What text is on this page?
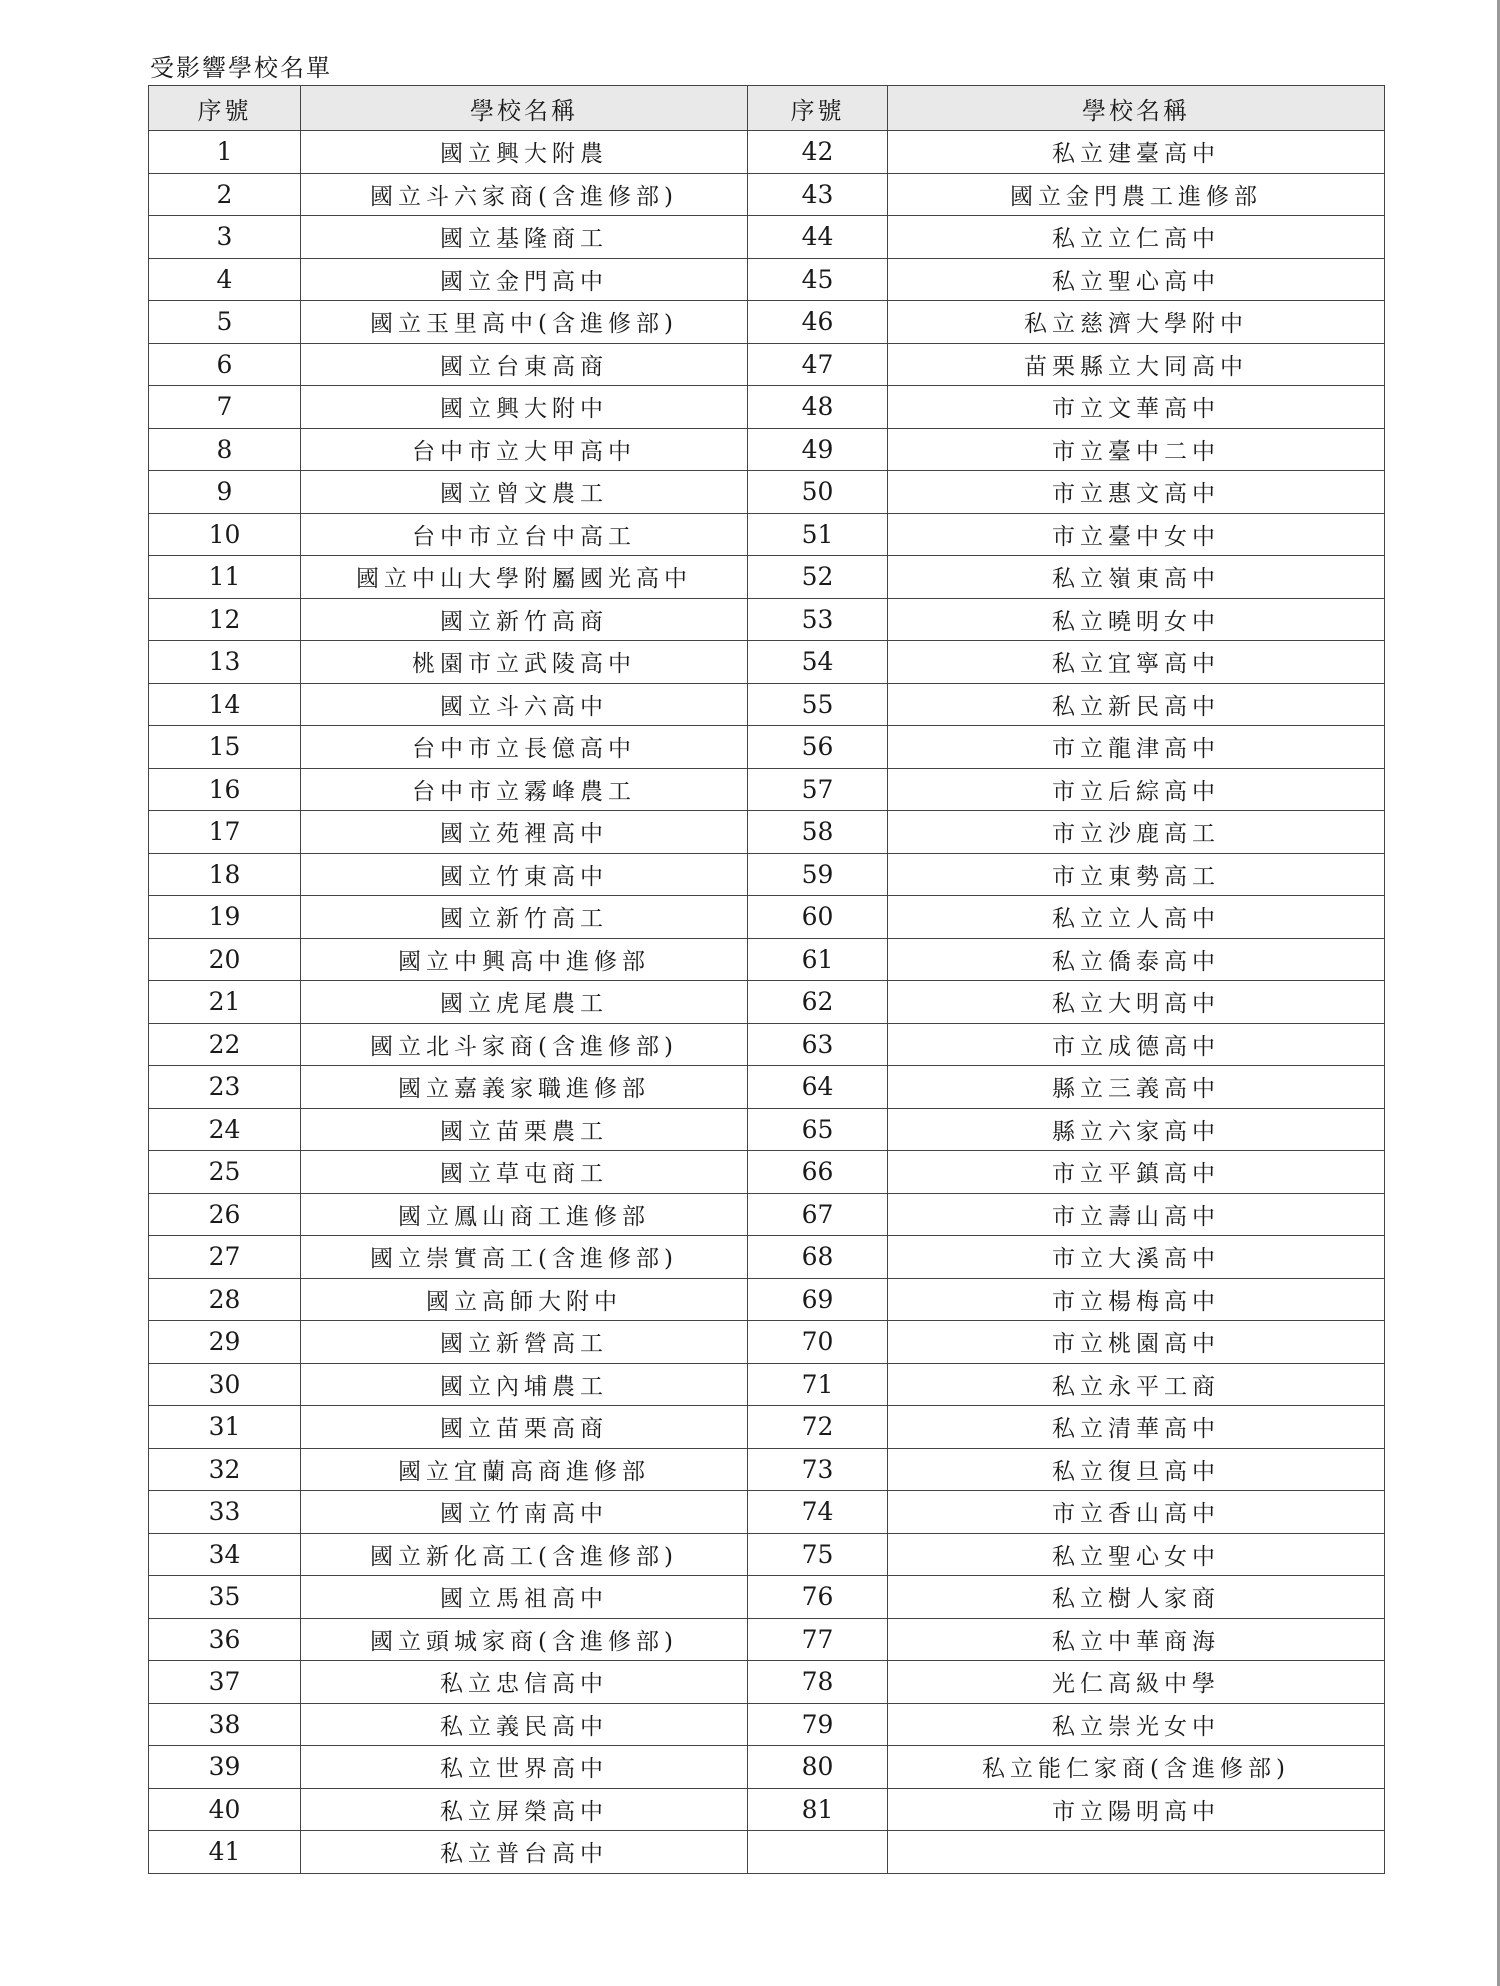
受影響學校名單
序號	學校名稱	序號	學校名稱
1	國立興大附農	42	私立建臺高中
2	國立斗六家商(含進修部)	43	國立金門農工進修部
3	國立基隆商工	44	私立立仁高中
4	國立金門高中	45	私立聖心高中
5	國立玉里高中(含進修部)	46	私立慈濟大學附中
6	國立台東高商	47	苗栗縣立大同高中
7	國立興大附中	48	市立文華高中
8	台中市立大甲高中	49	市立臺中二中
9	國立曾文農工	50	市立惠文高中
10	台中市立台中高工	51	市立臺中女中
11	國立中山大學附屬國光高中	52	私立嶺東高中
12	國立新竹高商	53	私立曉明女中
13	桃園市立武陵高中	54	私立宜寧高中
14	國立斗六高中	55	私立新民高中
15	台中市立長億高中	56	市立龍津高中
16	台中市立霧峰農工	57	市立后綜高中
17	國立苑裡高中	58	市立沙鹿高工
18	國立竹東高中	59	市立東勢高工
19	國立新竹高工	60	私立立人高中
20	國立中興高中進修部	61	私立僑泰高中
21	國立虎尾農工	62	私立大明高中
22	國立北斗家商(含進修部)	63	市立成德高中
23	國立嘉義家職進修部	64	縣立三義高中
24	國立苗栗農工	65	縣立六家高中
25	國立草屯商工	66	市立平鎮高中
26	國立鳳山商工進修部	67	市立壽山高中
27	國立崇實高工(含進修部)	68	市立大溪高中
28	國立高師大附中	69	市立楊梅高中
29	國立新營高工	70	市立桃園高中
30	國立內埔農工	71	私立永平工商
31	國立苗栗高商	72	私立清華高中
32	國立宜蘭高商進修部	73	私立復旦高中
33	國立竹南高中	74	市立香山高中
34	國立新化高工(含進修部)	75	私立聖心女中
35	國立馬祖高中	76	私立樹人家商
36	國立頭城家商(含進修部)	77	私立中華商海
37	私立忠信高中	78	光仁高級中學
38	私立義民高中	79	私立崇光女中
39	私立世界高中	80	私立能仁家商(含進修部)
40	私立屏榮高中	81	市立陽明高中
41	私立普台高中		
